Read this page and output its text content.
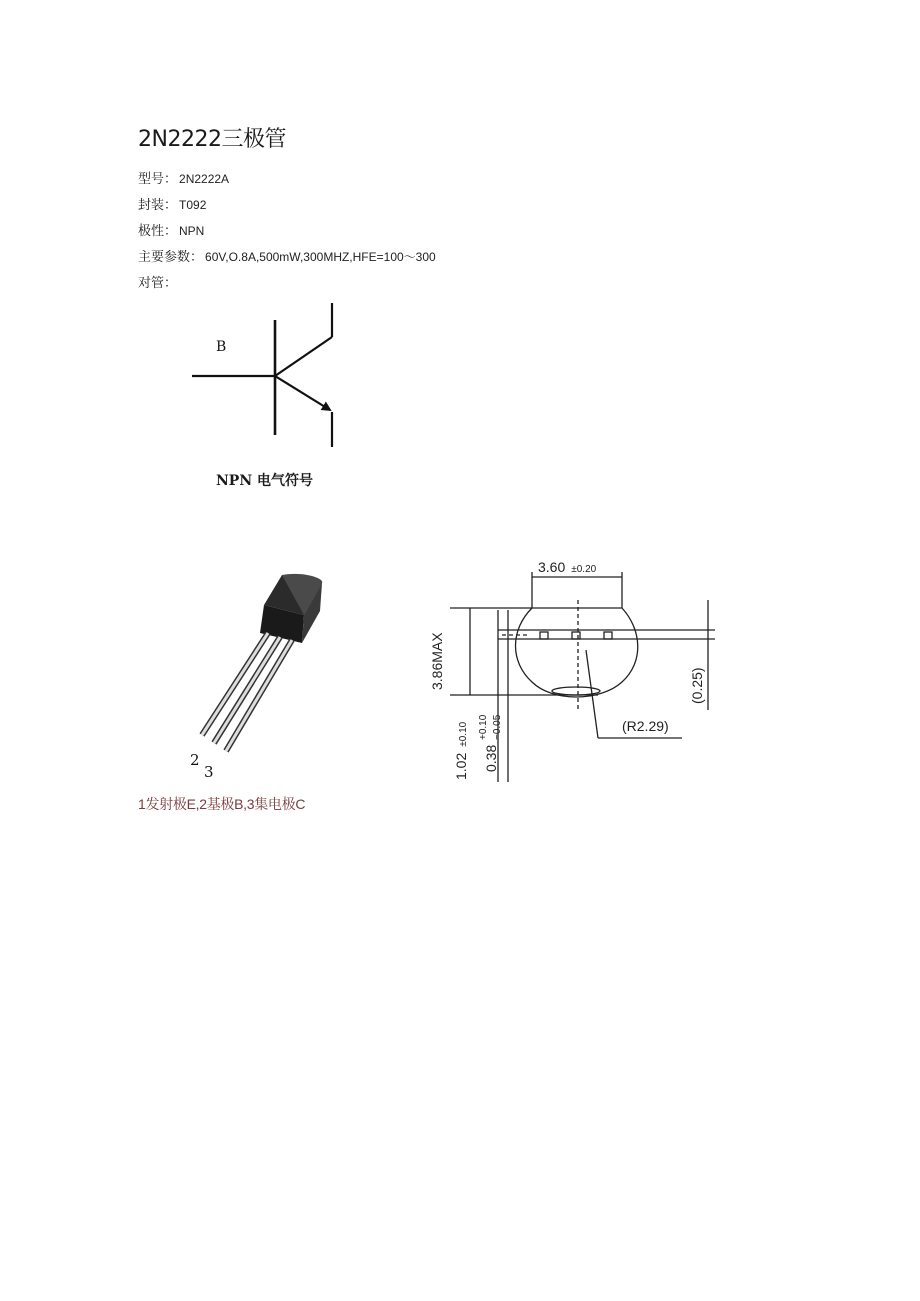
2N2222三极管
型号： 2N2222A
封装： T092
极性： NPN
主要参数： 60V,O.8A,500mW,300MHZ,HFE=100～300
对管：
B
NPN 电气符号
2
3
3.60 ±0.20
3.86MAX
1.02±0.10
0.38
+0.10 −0.05
(0.25)
(R2.29)
1发射极E,2基极B,3集电极C
